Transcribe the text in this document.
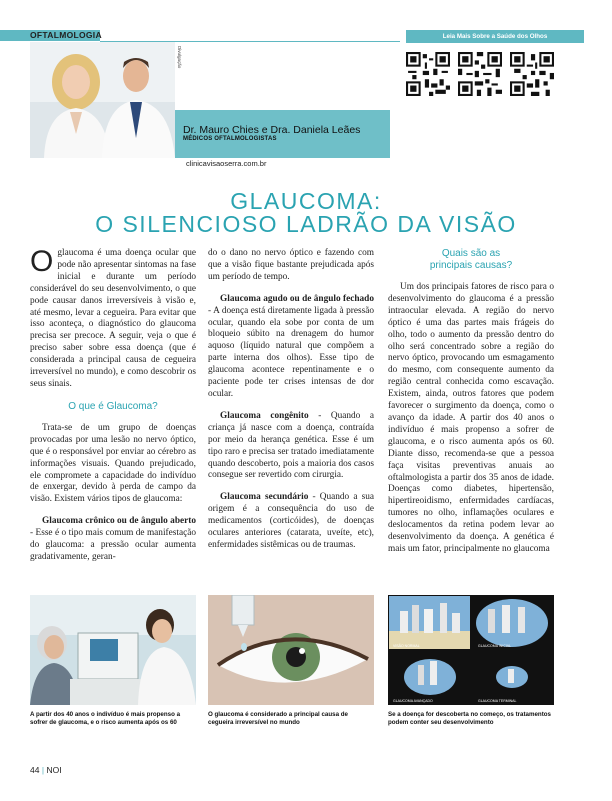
OFTALMOLOGIA
Divulgação
Dr. Mauro Chies e Dra. Daniela Leães
MÉDICOS OFTALMOLOGISTAS
clinicavisaoserra.com.br
Leia Mais Sobre a Saúde dos Olhos
GLAUCOMA:
O SILENCIOSO LADRÃO DA VISÃO

Oglaucoma é uma doença ocular que pode não apresentar sintomas na fase inicial e durante um período considerável do seu desenvolvimento, o que pode causar danos irreversíveis à visão e, até mesmo, levar a cegueira. Para evitar que isso aconteça, o diagnóstico do glaucoma precisa ser precoce. A seguir, veja o que é preciso saber sobre essa doença (que é considerada a principal causa de cegueira irreversível no mundo), e como descobrir os seus sinais.

O que é Glaucoma?

Trata-se de um grupo de doenças provocadas por uma lesão no nervo óptico, que é o responsável por enviar ao cérebro as informações visuais. Quando prejudicado, ele compromete a capacidade do indivíduo de enxergar, devido à perda de campo da visão. Existem vários tipos de glaucoma:

Glaucoma crônico ou de ângulo aberto - Esse é o tipo mais comum de manifestação do glaucoma: a pressão ocular aumenta gradativamente, geran-

do o dano no nervo óptico e fazendo com que a visão fique bastante prejudicada após um período de tempo.

Glaucoma agudo ou de ângulo fechado - A doença está diretamente ligada à pressão ocular, quando ela sobe por conta de um bloqueio súbito na drenagem do humor aquoso (líquido natural que compõem a parte interna dos olhos). Esse tipo de glaucoma acontece repentinamente e o paciente pode ter crises intensas de dor ocular.

Glaucoma congênito - Quando a criança já nasce com a doença, contraída por meio da herança genética. Esse é um tipo raro e precisa ser tratado imediatamente quando descoberto, pois a maioria dos casos consegue ser revertido com cirurgia.

Glaucoma secundário - Quando a sua origem é a consequência do uso de medicamentos (corticóides), de doenças oculares anteriores (catarata, uveíte, etc), enfermidades sistêmicas ou de traumas.

Quais são as
principais causas?

Um dos principais fatores de risco para o desenvolvimento do glaucoma é a pressão intraocular elevada. A região do nervo óptico é uma das partes mais frágeis do olho, todo o aumento da pressão dentro do olho será concentrado sobre a região do nervo óptico, provocando um esmagamento do mesmo, com consequente aumento da região central conhecida como escavação. Existem, ainda, outros fatores que podem favorecer o surgimento da doença, como o avanço da idade. A partir dos 40 anos o indivíduo é mais propenso a sofrer de glaucoma, e o risco aumenta após os 60. Diante disso, recomenda-se que a pessoa faça visitas preventivas anuais ao oftalmologista a partir dos 35 anos de idade. Doenças como diabetes, hipertensão, hipertireoidismo, enfermidades cardíacas, tumores no olho, inflamações oculares e deslocamentos da retina podem levar ao desenvolvimento da doença. A genética é mais um fator, principalmente no glaucoma

VISÃO NORMAL	GLAUCOMA INICIAL
GLAUCOMA AVANÇADO	GLAUCOMA TERMINAL
A partir dos 40 anos o indivíduo é mais propenso a sofrer de glaucoma, e o risco aumenta após os 60
O glaucoma é considerado a principal causa de cegueira irreversível no mundo
Se a doença for descoberta no começo, os tratamentos podem conter seu desenvolvimento
44 | NOI
